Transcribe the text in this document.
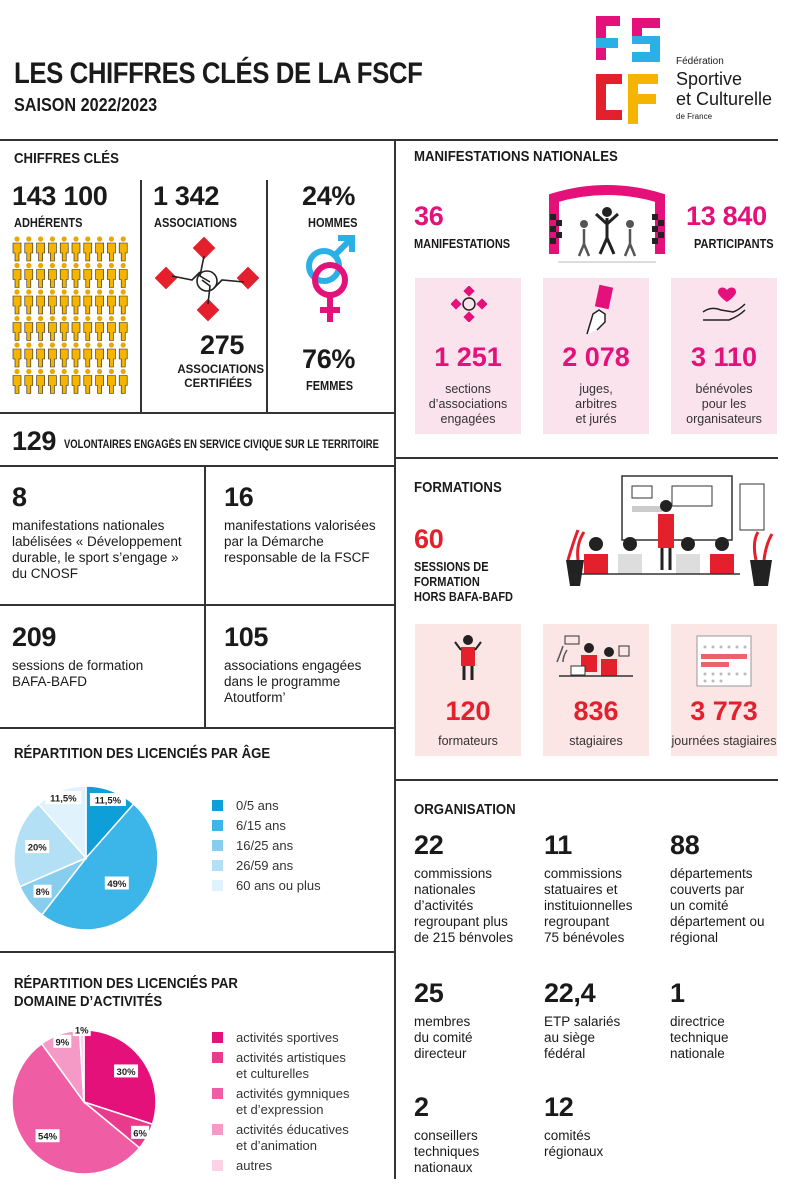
LES CHIFFRES CLÉS DE LA FSCF
SAISON 2022/2023
Fédération
Sportive
et Culturelle
de France
CHIFFRES CLÉS
143 100
ADHÉRENTS
1 342
ASSOCIATIONS
275
ASSOCIATIONS
CERTIFIÉES
24%
HOMMES
76%
FEMMES
129 VOLONTAIRES ENGAGÉS EN SERVICE CIVIQUE SUR LE TERRITOIRE
8
manifestations nationales
labélisées « Développement
durable, le sport s’engage »
du CNOSF
16
manifestations valorisées
par la Démarche
responsable de la FSCF
209
sessions de formation
BAFA-BAFD
105
associations engagées
dans le programme
Atoutform’
RÉPARTITION DES LICENCIÉS PAR ÂGE
11,5%
49%
8%
20%
11,5%	0/5 ans
6/15 ans
16/25 ans
26/59 ans
60 ans ou plus
RÉPARTITION DES LICENCIÉS PAR
DOMAINE D’ACTIVITÉS
30%
6%
54%
9%
1%	activités sportives
activités artistiques
et culturelles
activités gymniques
et d’expression
activités éducatives
et d’animation
autres
MANIFESTATIONS NATIONALES
36
MANIFESTATIONS
13 840
PARTICIPANTS
1 251
sections
d’associations
engagées
2 078
juges,
arbitres
et jurés
3 110
bénévoles
pour les
organisateurs
FORMATIONS
60
SESSIONS DE
FORMATION
HORS BAFA-BAFD
120
formateurs
836
stagiaires
3 773
journées stagiaires
ORGANISATION
22
commissions
nationales
d’activités
regroupant plus
de 215 bénvoles
11
commissions
statuaires et
instituionnelles
regroupant
75 bénévoles
88
départements
couverts par
un comité
département ou
régional
25
membres
du comité
directeur
22,4
ETP salariés
au siège
fédéral
1
directrice
technique
nationale
2
conseillers
techniques
nationaux
12
comités
régionaux
